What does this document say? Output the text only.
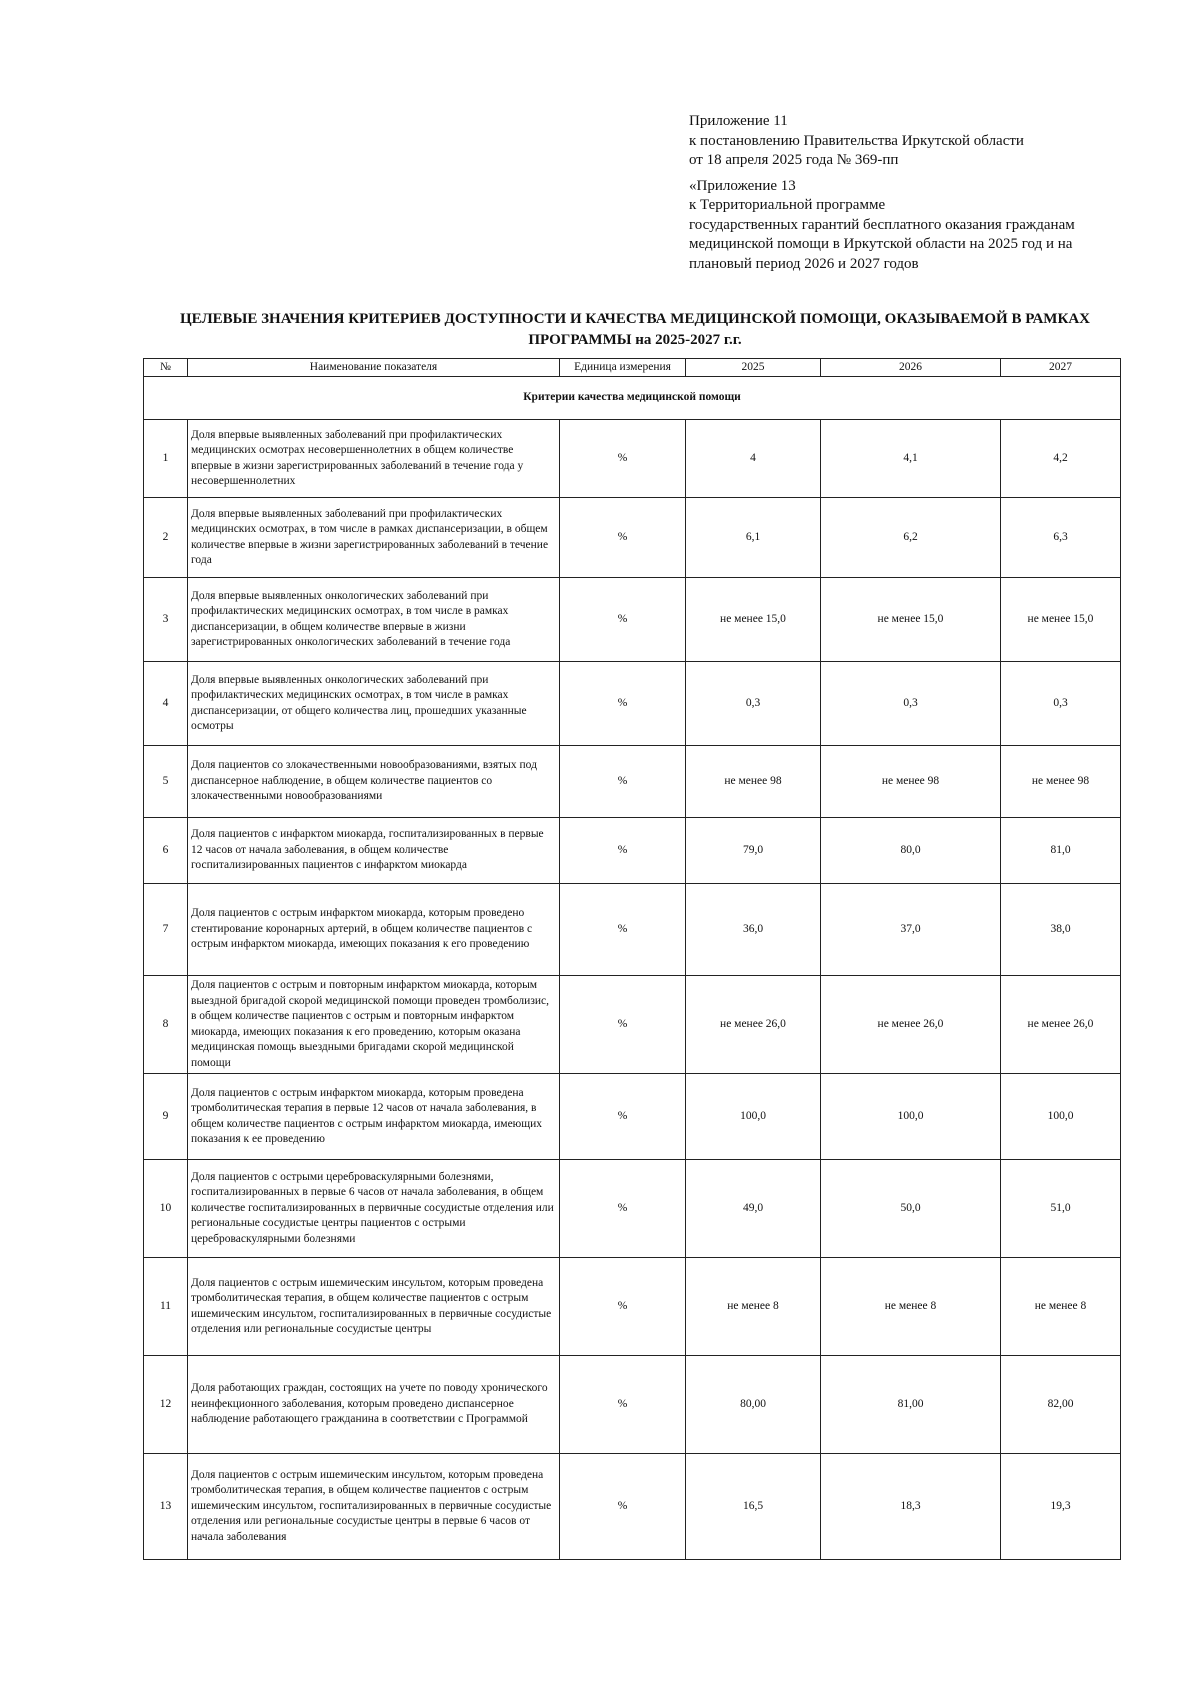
Приложение 11
к постановлению Правительства Иркутской области
от 18 апреля 2025 года № 369-пп
«Приложение 13
к Территориальной программе
государственных гарантий бесплатного оказания гражданам
медицинской помощи в Иркутской области на 2025 год и на
плановый период 2026 и 2027 годов
ЦЕЛЕВЫЕ ЗНАЧЕНИЯ КРИТЕРИЕВ ДОСТУПНОСТИ И КАЧЕСТВА МЕДИЦИНСКОЙ ПОМОЩИ, ОКАЗЫВАЕМОЙ В РАМКАХ ПРОГРАММЫ на 2025-2027 г.г.
№	Наименование показателя	Единица измерения	2025	2026	2027
Критерии качества медицинской помощи					
1	Доля впервые выявленных заболеваний при профилактических медицинских осмотрах несовершеннолетних в общем количестве впервые в жизни зарегистрированных заболеваний в течение года у несовершеннолетних	%	4	4,1	4,2
2	Доля впервые выявленных заболеваний при профилактических медицинских осмотрах, в том числе в рамках диспансеризации, в общем количестве впервые в жизни зарегистрированных заболеваний в течение года	%	6,1	6,2	6,3
3	Доля впервые выявленных онкологических заболеваний при профилактических медицинских осмотрах, в том числе в рамках диспансеризации, в общем количестве впервые в жизни зарегистрированных онкологических заболеваний в течение года	%	не менее 15,0	не менее 15,0	не менее 15,0
4	Доля впервые выявленных онкологических заболеваний при профилактических медицинских осмотрах, в том числе в рамках диспансеризации, от общего количества лиц, прошедших указанные осмотры	%	0,3	0,3	0,3
5	Доля пациентов со злокачественными новообразованиями, взятых под диспансерное наблюдение, в общем количестве пациентов со злокачественными новообразованиями	%	не менее 98	не менее 98	не менее 98
6	Доля пациентов с инфарктом миокарда, госпитализированных в первые 12 часов от начала заболевания, в общем количестве госпитализированных пациентов с инфарктом миокарда	%	79,0	80,0	81,0
7	Доля пациентов с острым инфарктом миокарда, которым проведено стентирование коронарных артерий, в общем количестве пациентов с острым инфарктом миокарда, имеющих показания к его проведению	%	36,0	37,0	38,0
8	Доля пациентов с острым и повторным инфарктом миокарда, которым выездной бригадой скорой медицинской помощи проведен тромболизис, в общем количестве пациентов с острым и повторным инфарктом миокарда, имеющих показания к его проведению, которым оказана медицинская помощь выездными бригадами скорой медицинской помощи	%	не менее 26,0	не менее 26,0	не менее 26,0
9	Доля пациентов с острым инфарктом миокарда, которым проведена тромболитическая терапия в первые 12 часов от начала заболевания, в общем количестве пациентов с острым инфарктом миокарда, имеющих показания к ее проведению	%	100,0	100,0	100,0
10	Доля пациентов с острыми цереброваскулярными болезнями, госпитализированных в первые 6 часов от начала заболевания, в общем количестве госпитализированных в первичные сосудистые отделения или региональные сосудистые центры пациентов с острыми цереброваскулярными болезнями	%	49,0	50,0	51,0
11	Доля пациентов с острым ишемическим инсультом, которым проведена тромболитическая терапия, в общем количестве пациентов с острым ишемическим инсультом, госпитализированных в первичные сосудистые отделения или региональные сосудистые центры	%	не менее 8	не менее 8	не менее 8
12	Доля работающих граждан, состоящих на учете по поводу хронического неинфекционного заболевания, которым проведено диспансерное наблюдение работающего гражданина в соответствии с Программой	%	80,00	81,00	82,00
13	Доля пациентов с острым ишемическим инсультом, которым проведена тромболитическая терапия, в общем количестве пациентов с острым ишемическим инсультом, госпитализированных в первичные сосудистые отделения или региональные сосудистые центры в первые 6 часов от начала заболевания	%	16,5	18,3	19,3
